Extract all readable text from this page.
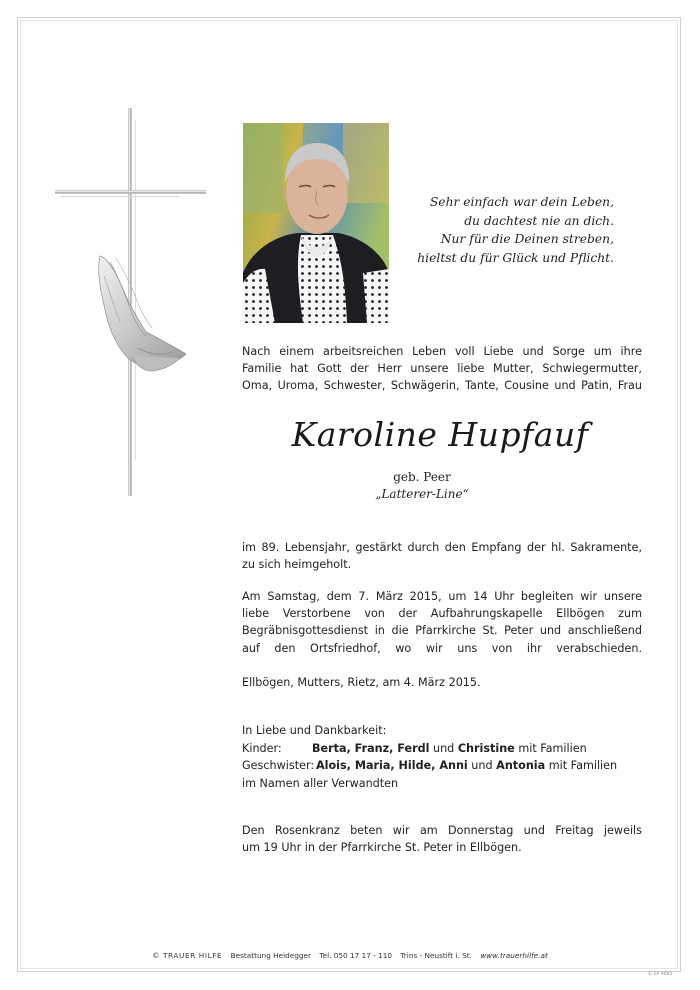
Sehr einfach war dein Leben,
du dachtest nie an dich.
Nur für die Deinen streben,
hieltst du für Glück und Pflicht.
Nach einem arbeitsreichen Leben voll Liebe und Sorge um ihre
Familie hat Gott der Herr unsere liebe Mutter, Schwiegermutter,
Oma, Uroma, Schwester, Schwägerin, Tante, Cousine und Patin, Frau
Karoline Hupfauf
geb. Peer
„Latterer-Line“
im 89. Lebensjahr, gestärkt durch den Empfang der hl. Sakramente,
zu sich heimgeholt.
Am Samstag, dem 7. März 2015, um 14 Uhr begleiten wir unsere
liebe Verstorbene von der Aufbahrungskapelle Ellbögen zum
Begräbnisgottesdienst in die Pfarrkirche St. Peter und anschließend
auf den Ortsfriedhof, wo wir uns von ihr verabschieden.
Ellbögen, Mutters, Rietz, am 4. März 2015.
In Liebe und Dankbarkeit:
Kinder:	Berta, Franz, Ferdl und Christine mit Familien
Geschwister: Alois, Maria, Hilde, Anni und Antonia mit Familien
im Namen aller Verwandten
Den Rosenkranz beten wir am Donnerstag und Freitag jeweils
um 19 Uhr in der Pfarrkirche St. Peter in Ellbögen.
© TRAUER HILFE Bestattung Heidegger Tel. 050 17 17 - 110 Trins - Neustift i. St. www.trauerhilfe.at
© EP 9065
